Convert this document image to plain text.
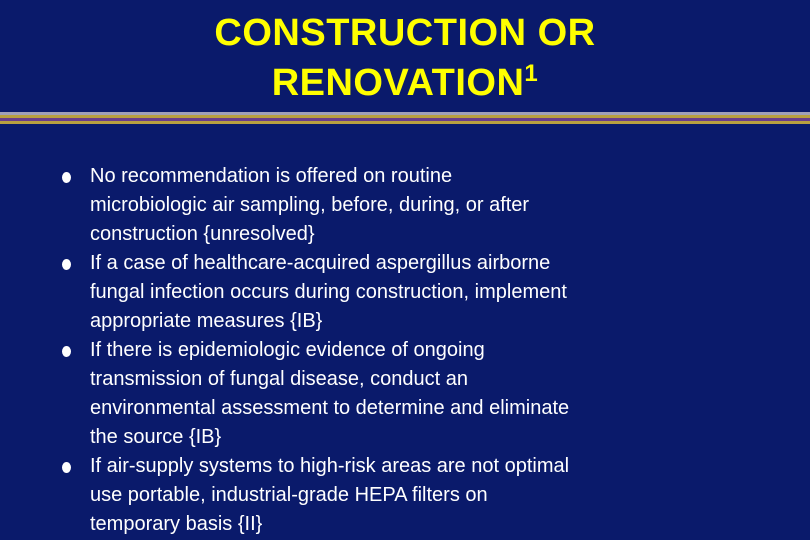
CONSTRUCTION OR
RENOVATION$^1$
No recommendation is offered on routine
microbiologic air sampling, before, during, or after
construction {unresolved}
If a case of healthcare-acquired aspergillus airborne
fungal infection occurs during construction, implement
appropriate measures {IB}
If there is epidemiologic evidence of ongoing
transmission of fungal disease, conduct an
environmental assessment to determine and eliminate
the source {IB}
If air-supply systems to high-risk areas are not optimal
use portable, industrial-grade HEPA filters on
temporary basis {II}
